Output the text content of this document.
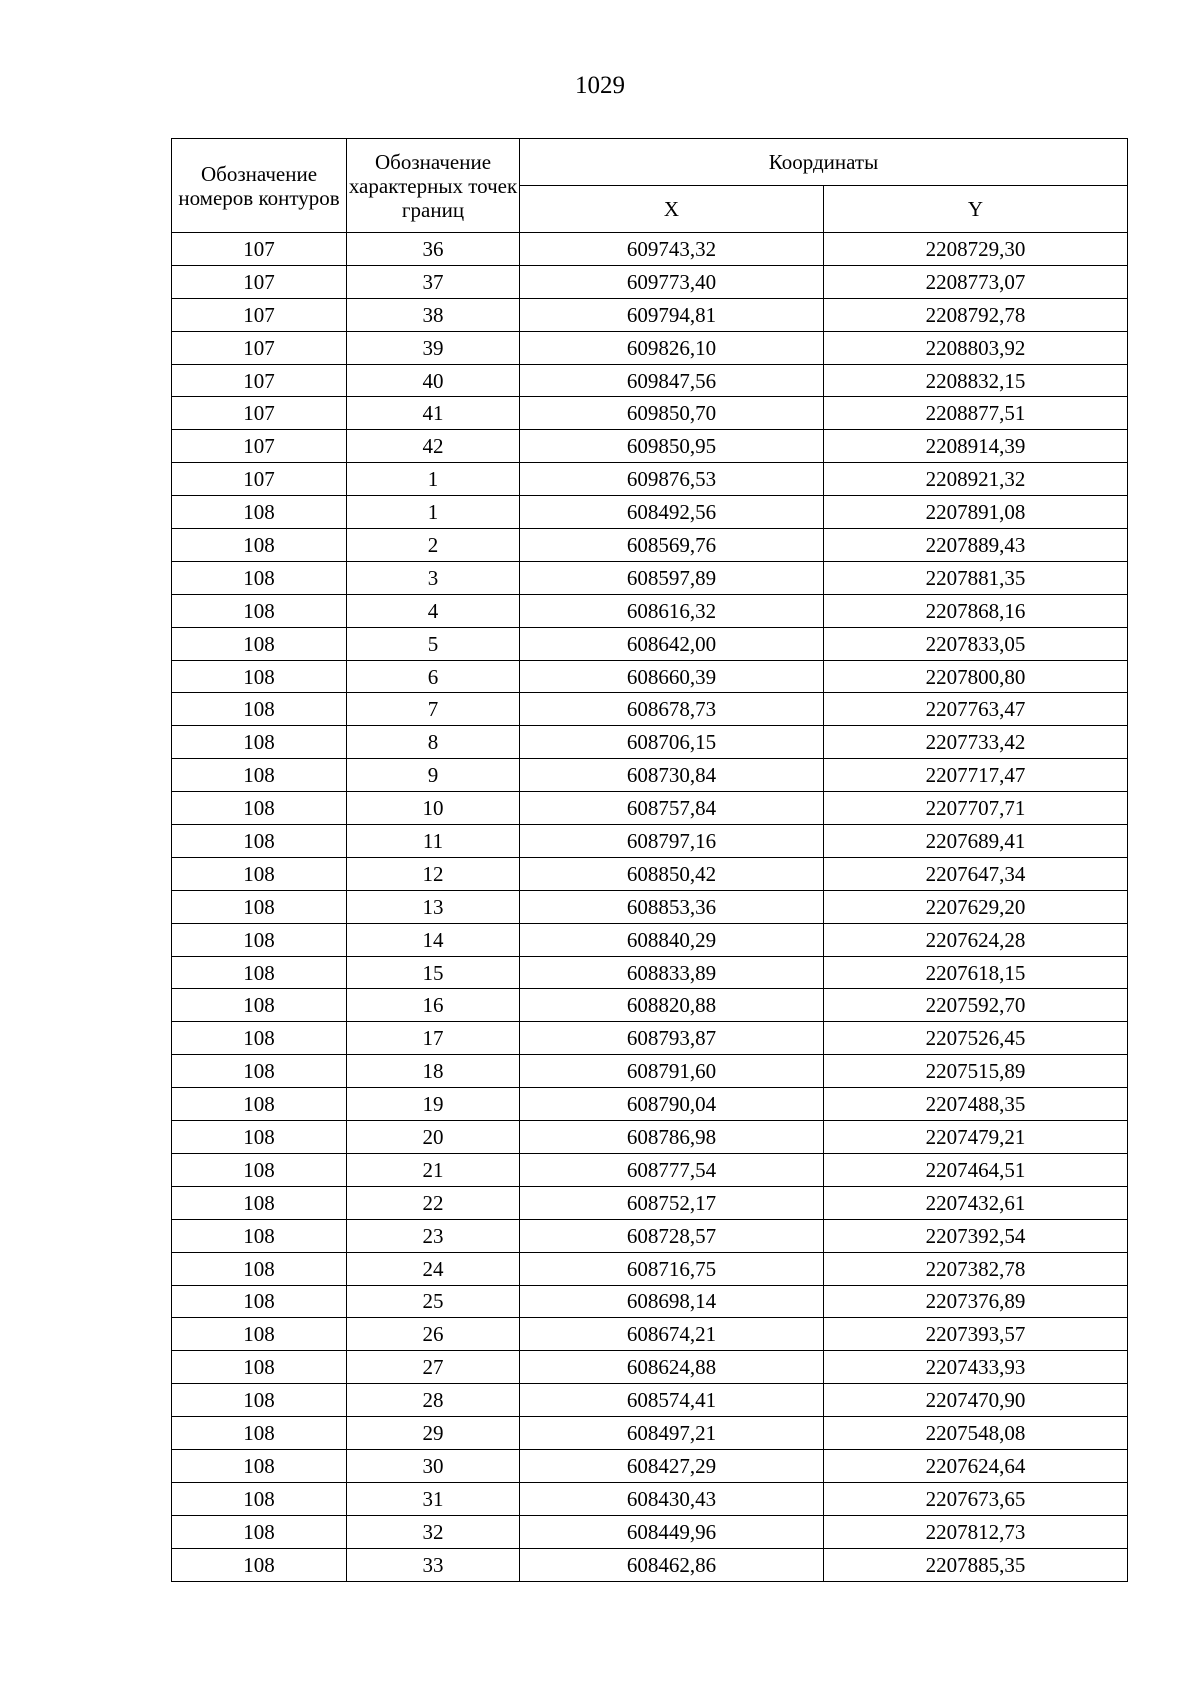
1029
Обозначение номеров контуров	Обозначение характерных точек границ	Координаты	
		X	Y
107	36	609743,32	2208729,30
107	37	609773,40	2208773,07
107	38	609794,81	2208792,78
107	39	609826,10	2208803,92
107	40	609847,56	2208832,15
107	41	609850,70	2208877,51
107	42	609850,95	2208914,39
107	1	609876,53	2208921,32
108	1	608492,56	2207891,08
108	2	608569,76	2207889,43
108	3	608597,89	2207881,35
108	4	608616,32	2207868,16
108	5	608642,00	2207833,05
108	6	608660,39	2207800,80
108	7	608678,73	2207763,47
108	8	608706,15	2207733,42
108	9	608730,84	2207717,47
108	10	608757,84	2207707,71
108	11	608797,16	2207689,41
108	12	608850,42	2207647,34
108	13	608853,36	2207629,20
108	14	608840,29	2207624,28
108	15	608833,89	2207618,15
108	16	608820,88	2207592,70
108	17	608793,87	2207526,45
108	18	608791,60	2207515,89
108	19	608790,04	2207488,35
108	20	608786,98	2207479,21
108	21	608777,54	2207464,51
108	22	608752,17	2207432,61
108	23	608728,57	2207392,54
108	24	608716,75	2207382,78
108	25	608698,14	2207376,89
108	26	608674,21	2207393,57
108	27	608624,88	2207433,93
108	28	608574,41	2207470,90
108	29	608497,21	2207548,08
108	30	608427,29	2207624,64
108	31	608430,43	2207673,65
108	32	608449,96	2207812,73
108	33	608462,86	2207885,35
